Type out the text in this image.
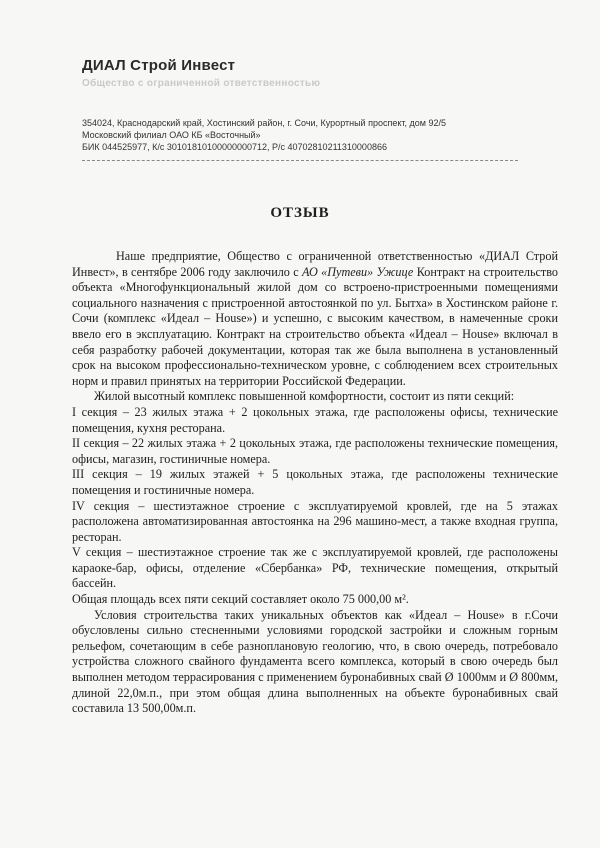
ДИАЛ Строй Инвест
Общество с ограниченной ответственностью
354024, Краснодарский край, Хостинский район, г. Сочи, Курортный проспект, дом 92/5
Московский филиал ОАО КБ «Восточный»
БИК 044525977, К/с 30101810100000000712, Р/с 40702810211310000866
ОТЗЫВ

Наше предприятие, Общество с ограниченной ответственностью «ДИАЛ Строй Инвест», в сентябре 2006 году заключило с АО «Путеви» Ужице Контракт на строительство объекта «Многофункциональный жилой дом со встроено-пристроенными помещениями социального назначения с пристроенной автостоянкой по ул. Бытха» в Хостинском районе г. Сочи (комплекс «Идеал – House») и успешно, с высоким качеством, в намеченные сроки ввело его в эксплуатацию. Контракт на строительство объекта «Идеал – House» включал в себя разработку рабочей документации, которая так же была выполнена в установленный срок на высоком профессионально-техническом уровне, с соблюдением всех строительных норм и правил принятых на территории Российской Федерации.

Жилой высотный комплекс повышенной комфортности, состоит из пяти секций:

I секция – 23 жилых этажа + 2 цокольных этажа, где расположены офисы, технические помещения, кухня ресторана.

II секция – 22 жилых этажа + 2 цокольных этажа, где расположены технические помещения, офисы, магазин, гостиничные номера.

III секция – 19 жилых этажей + 5 цокольных этажа, где расположены технические помещения и гостиничные номера.

IV секция – шестиэтажное строение с эксплуатируемой кровлей, где на 5 этажах расположена автоматизированная автостоянка на 296 машино-мест, а также входная группа, ресторан.

V секция – шестиэтажное строение так же с эксплуатируемой кровлей, где расположены караоке-бар, офисы, отделение «Сбербанка» РФ, технические помещения, открытый бассейн.

Общая площадь всех пяти секций составляет около 75 000,00 м².

Условия строительства таких уникальных объектов как «Идеал – House» в г.Сочи обусловлены сильно стесненными условиями городской застройки и сложным горным рельефом, сочетающим в себе разноплановую геологию, что, в свою очередь, потребовало устройства сложного свайного фундамента всего комплекса, который в свою очередь был выполнен методом террасирования с применением буронабивных свай Ø 1000мм и Ø 800мм, длиной 22,0м.п., при этом общая длина выполненных на объекте буронабивных свай составила 13 500,00м.п.
